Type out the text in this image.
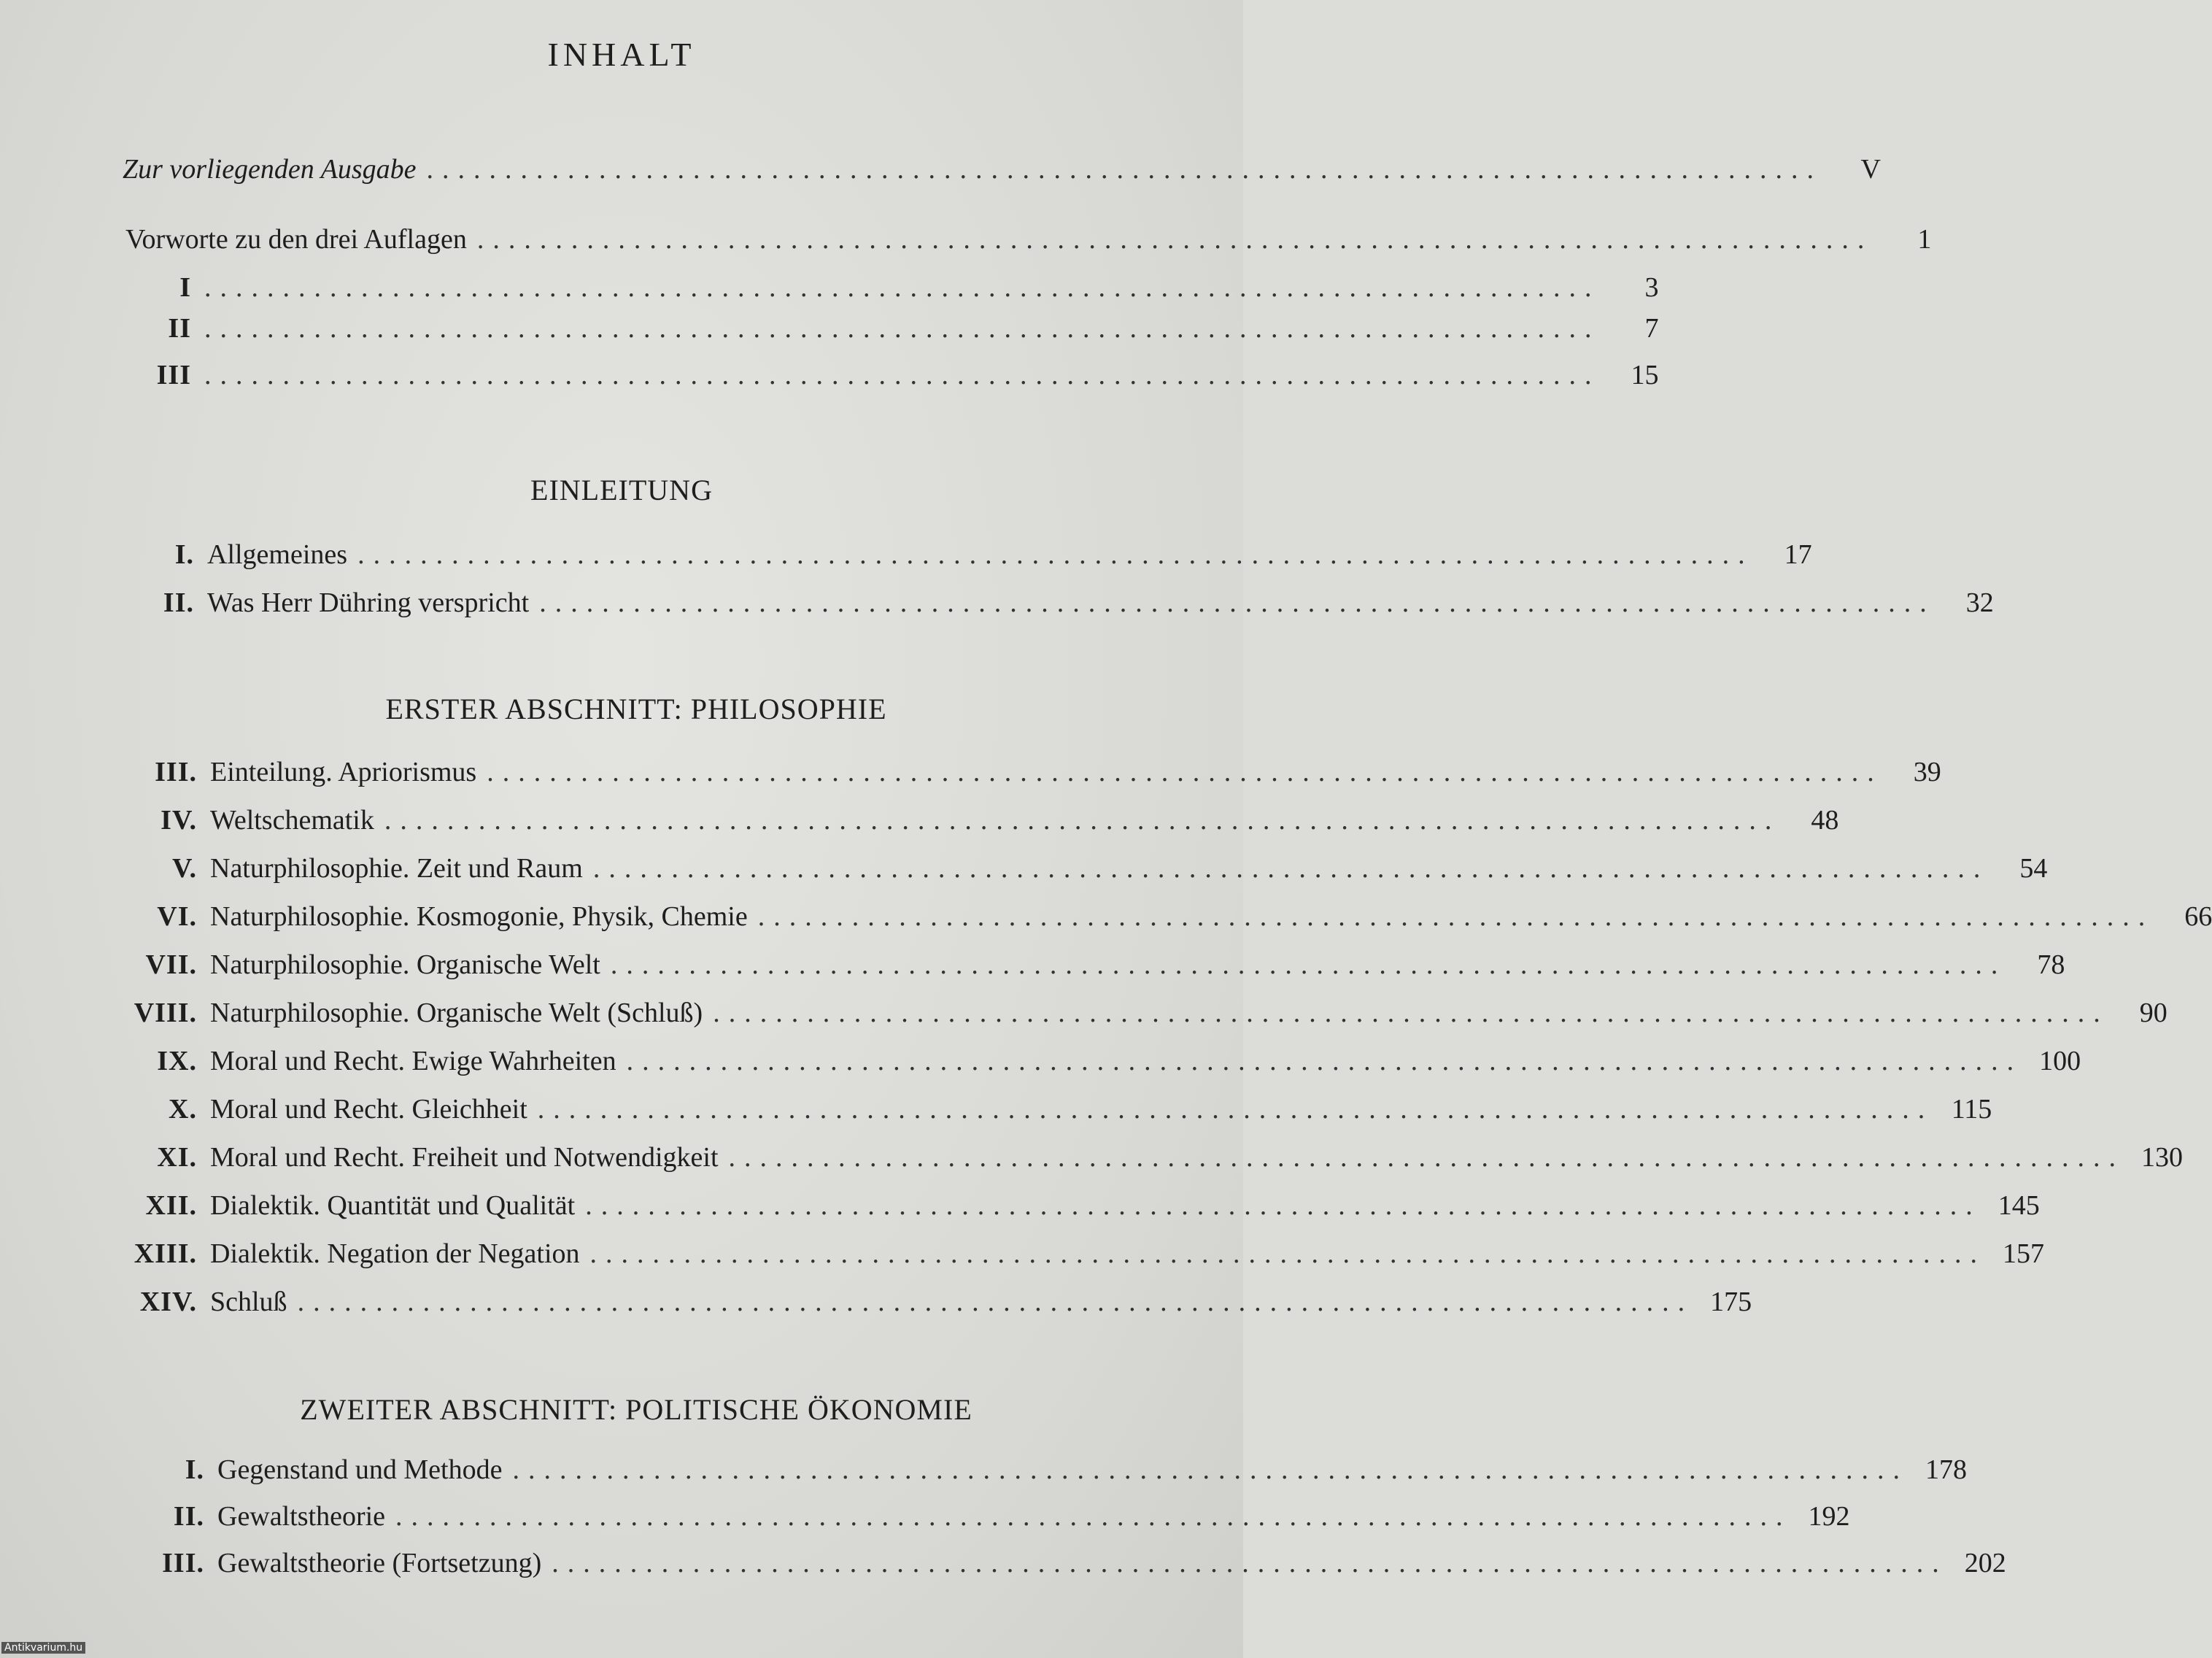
INHALT
Zur vorliegenden Ausgabe .........................................................................................	V
Vorworte zu den drei Auflagen .........................................................................................	1
I .........................................................................................	3
II .........................................................................................	7
III .........................................................................................	15
EINLEITUNG
I. Allgemeines .........................................................................................	17
II. Was Herr Dühring verspricht .........................................................................................	32
ERSTER ABSCHNITT: PHILOSOPHIE
III. Einteilung. Apriorismus .........................................................................................	39
IV. Weltschematik .........................................................................................	48
V. Naturphilosophie. Zeit und Raum .........................................................................................	54
VI. Naturphilosophie. Kosmogonie, Physik, Chemie .........................................................................................	66
VII. Naturphilosophie. Organische Welt .........................................................................................	78
VIII. Naturphilosophie. Organische Welt (Schluß) .........................................................................................	90
IX. Moral und Recht. Ewige Wahrheiten ......................................................................................... 100
X. Moral und Recht. Gleichheit ......................................................................................... 115
XI. Moral und Recht. Freiheit und Notwendigkeit ......................................................................................... 130
XII. Dialektik. Quantität und Qualität ......................................................................................... 145
XIII. Dialektik. Negation der Negation ......................................................................................... 157
XIV. Schluß ......................................................................................... 175
ZWEITER ABSCHNITT: POLITISCHE ÖKONOMIE
I. Gegenstand und Methode ......................................................................................... 178
II. Gewaltstheorie ......................................................................................... 192
III. Gewaltstheorie (Fortsetzung) ......................................................................................... 202
Antikvarium.hu
